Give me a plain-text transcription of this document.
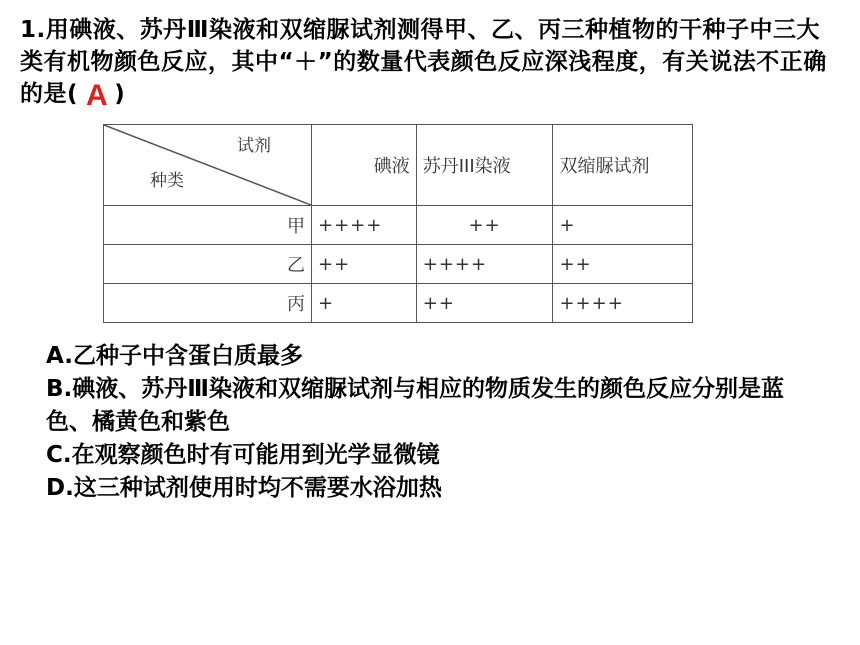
1.用碘液、苏丹Ⅲ染液和双缩脲试剂测得甲、乙、丙三种植物的干种子中三大类有机物颜色反应，其中“＋”的数量代表颜色反应深浅程度，有关说法不正确的是( A )
试剂
种类	碘液	苏丹III染液	双缩脲试剂
甲	++++	++	+
乙	++	++++	++
丙	+	++	++++
A.乙种子中含蛋白质最多
B.碘液、苏丹Ⅲ染液和双缩脲试剂与相应的物质发生的颜色反应分别是蓝色、橘黄色和紫色
C.在观察颜色时有可能用到光学显微镜
D.这三种试剂使用时均不需要水浴加热
